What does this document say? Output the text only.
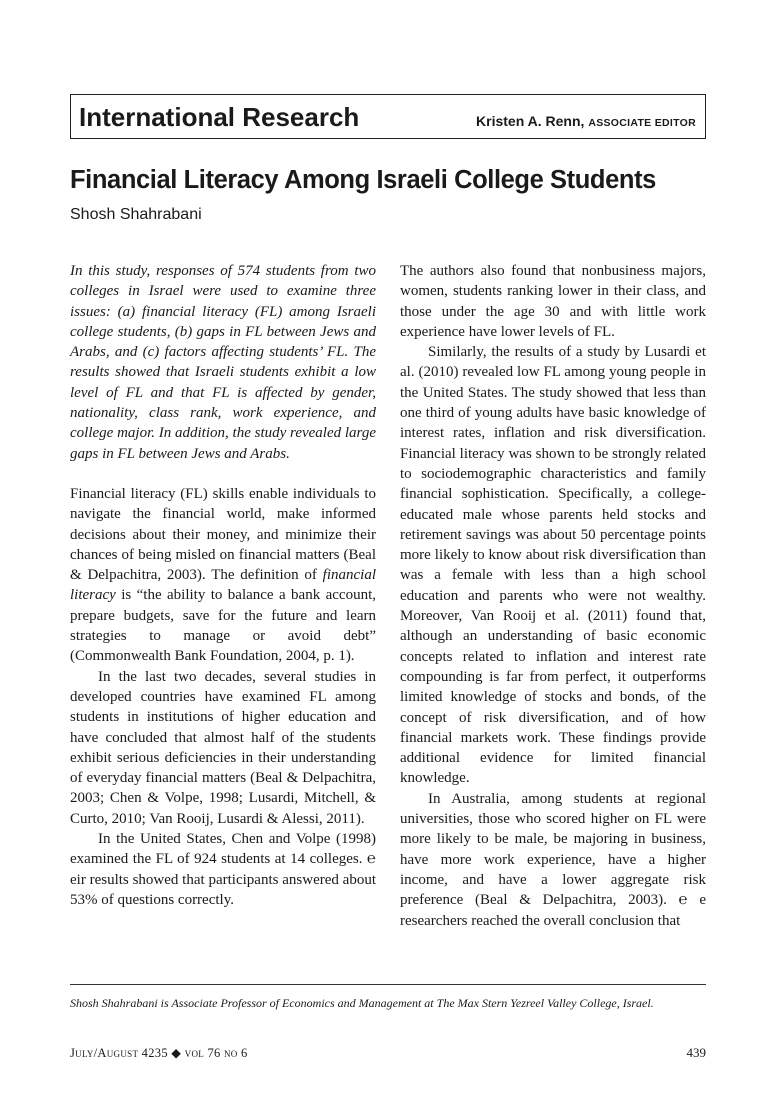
International Research	Kristen A. Renn, ASSOCIATE EDITOR
Financial Literacy Among Israeli College Students
Shosh Shahrabani

In this study, responses of 574 students from two colleges in Israel were used to examine three issues: (a) financial literacy (FL) among Israeli college students, (b) gaps in FL between Jews and Arabs, and (c) factors affecting students’ FL. The results showed that Israeli students exhibit a low level of FL and that FL is affected by gender, nationality, class rank, work experience, and college major. In addition, the study revealed large gaps in FL between Jews and Arabs.

Financial literacy (FL) skills enable individuals to navigate the financial world, make informed decisions about their money, and minimize their chances of being misled on financial matters (Beal & Delpachitra, 2003). The definition of financial literacy is “the ability to balance a bank account, prepare budgets, save for the future and learn strategies to manage or avoid debt” (Commonwealth Bank Foundation, 2004, p. 1).

In the last two decades, several studies in developed countries have examined FL among students in institutions of higher education and have concluded that almost half of the students exhibit serious deficiencies in their understanding of everyday financial matters (Beal & Delpachitra, 2003; Chen & Volpe, 1998; Lusardi, Mitchell, & Curto, 2010; Van Rooij, Lusardi & Alessi, 2011).

In the United States, Chen and Volpe (1998) examined the FL of 924 students at 14 colleges. ℮ eir results showed that participants answered about 53% of questions correctly.

The authors also found that nonbusiness majors, women, students ranking lower in their class, and those under the age 30 and with little work experience have lower levels of FL.

Similarly, the results of a study by Lusardi et al. (2010) revealed low FL among young people in the United States. The study showed that less than one third of young adults have basic knowledge of interest rates, inflation and risk diversification. Financial literacy was shown to be strongly related to sociodemographic characteristics and family financial sophistication. Specifically, a college-educated male whose parents held stocks and retirement savings was about 50 percentage points more likely to know about risk diversification than was a female with less than a high school education and parents who were not wealthy. Moreover, Van Rooij et al. (2011) found that, although an understanding of basic economic concepts related to inflation and interest rate compounding is far from perfect, it outperforms limited knowledge of stocks and bonds, of the concept of risk diversification, and of how financial markets work. These findings provide additional evidence for limited financial knowledge.

In Australia, among students at regional universities, those who scored higher on FL were more likely to be male, be majoring in business, have more work experience, have a higher income, and have a lower aggregate risk preference (Beal & Delpachitra, 2003). ℮ e researchers reached the overall conclusion that

Shosh Shahrabani is Associate Professor of Economics and Management at The Max Stern Yezreel Valley College, Israel.
July/August 4235 ◆ vol 76 no 6	439
